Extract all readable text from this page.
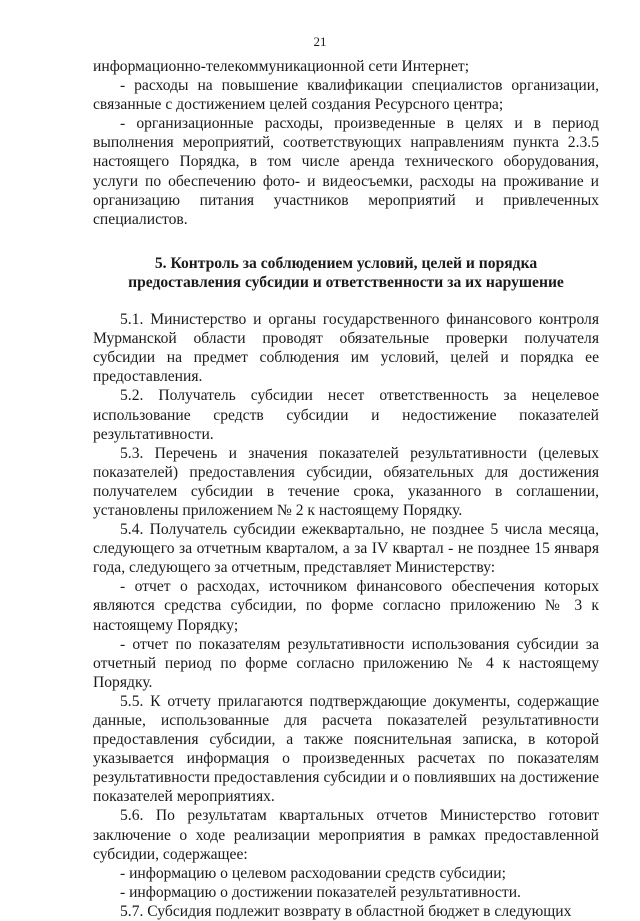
21

информационно-телекоммуникационной сети Интернет;

- расходы на повышение квалификации специалистов организации, связанные с достижением целей создания Ресурсного центра;

- организационные расходы, произведенные в целях и в период выполнения мероприятий, соответствующих направлениям пункта 2.3.5 настоящего Порядка, в том числе аренда технического оборудования, услуги по обеспечению фото- и видеосъемки, расходы на проживание и организацию питания участников мероприятий и привлеченных специалистов.

5. Контроль за соблюдением условий, целей и порядка
предоставления субсидии и ответственности за их нарушение

5.1. Министерство и органы государственного финансового контроля Мурманской области проводят обязательные проверки получателя субсидии на предмет соблюдения им условий, целей и порядка ее предоставления.

5.2. Получатель субсидии несет ответственность за нецелевое использование средств субсидии и недостижение показателей результативности.

5.3. Перечень и значения показателей результативности (целевых показателей) предоставления субсидии, обязательных для достижения получателем субсидии в течение срока, указанного в соглашении, установлены приложением № 2 к настоящему Порядку.

5.4. Получатель субсидии ежеквартально, не позднее 5 числа месяца, следующего за отчетным кварталом, а за IV квартал - не позднее 15 января года, следующего за отчетным, представляет Министерству:

- отчет о расходах, источником финансового обеспечения которых являются средства субсидии, по форме согласно приложению № 3 к настоящему Порядку;

- отчет по показателям результативности использования субсидии за отчетный период по форме согласно приложению № 4 к настоящему Порядку.

5.5. К отчету прилагаются подтверждающие документы, содержащие данные, использованные для расчета показателей результативности предоставления субсидии, а также пояснительная записка, в которой указывается информация о произведенных расчетах по показателям результативности предоставления субсидии и о повлиявших на достижение показателей мероприятиях.

5.6. По результатам квартальных отчетов Министерство готовит заключение о ходе реализации мероприятия в рамках предоставленной субсидии, содержащее:

- информацию о целевом расходовании средств субсидии;

- информацию о достижении показателей результативности.

5.7. Субсидия подлежит возврату в областной бюджет в следующих
